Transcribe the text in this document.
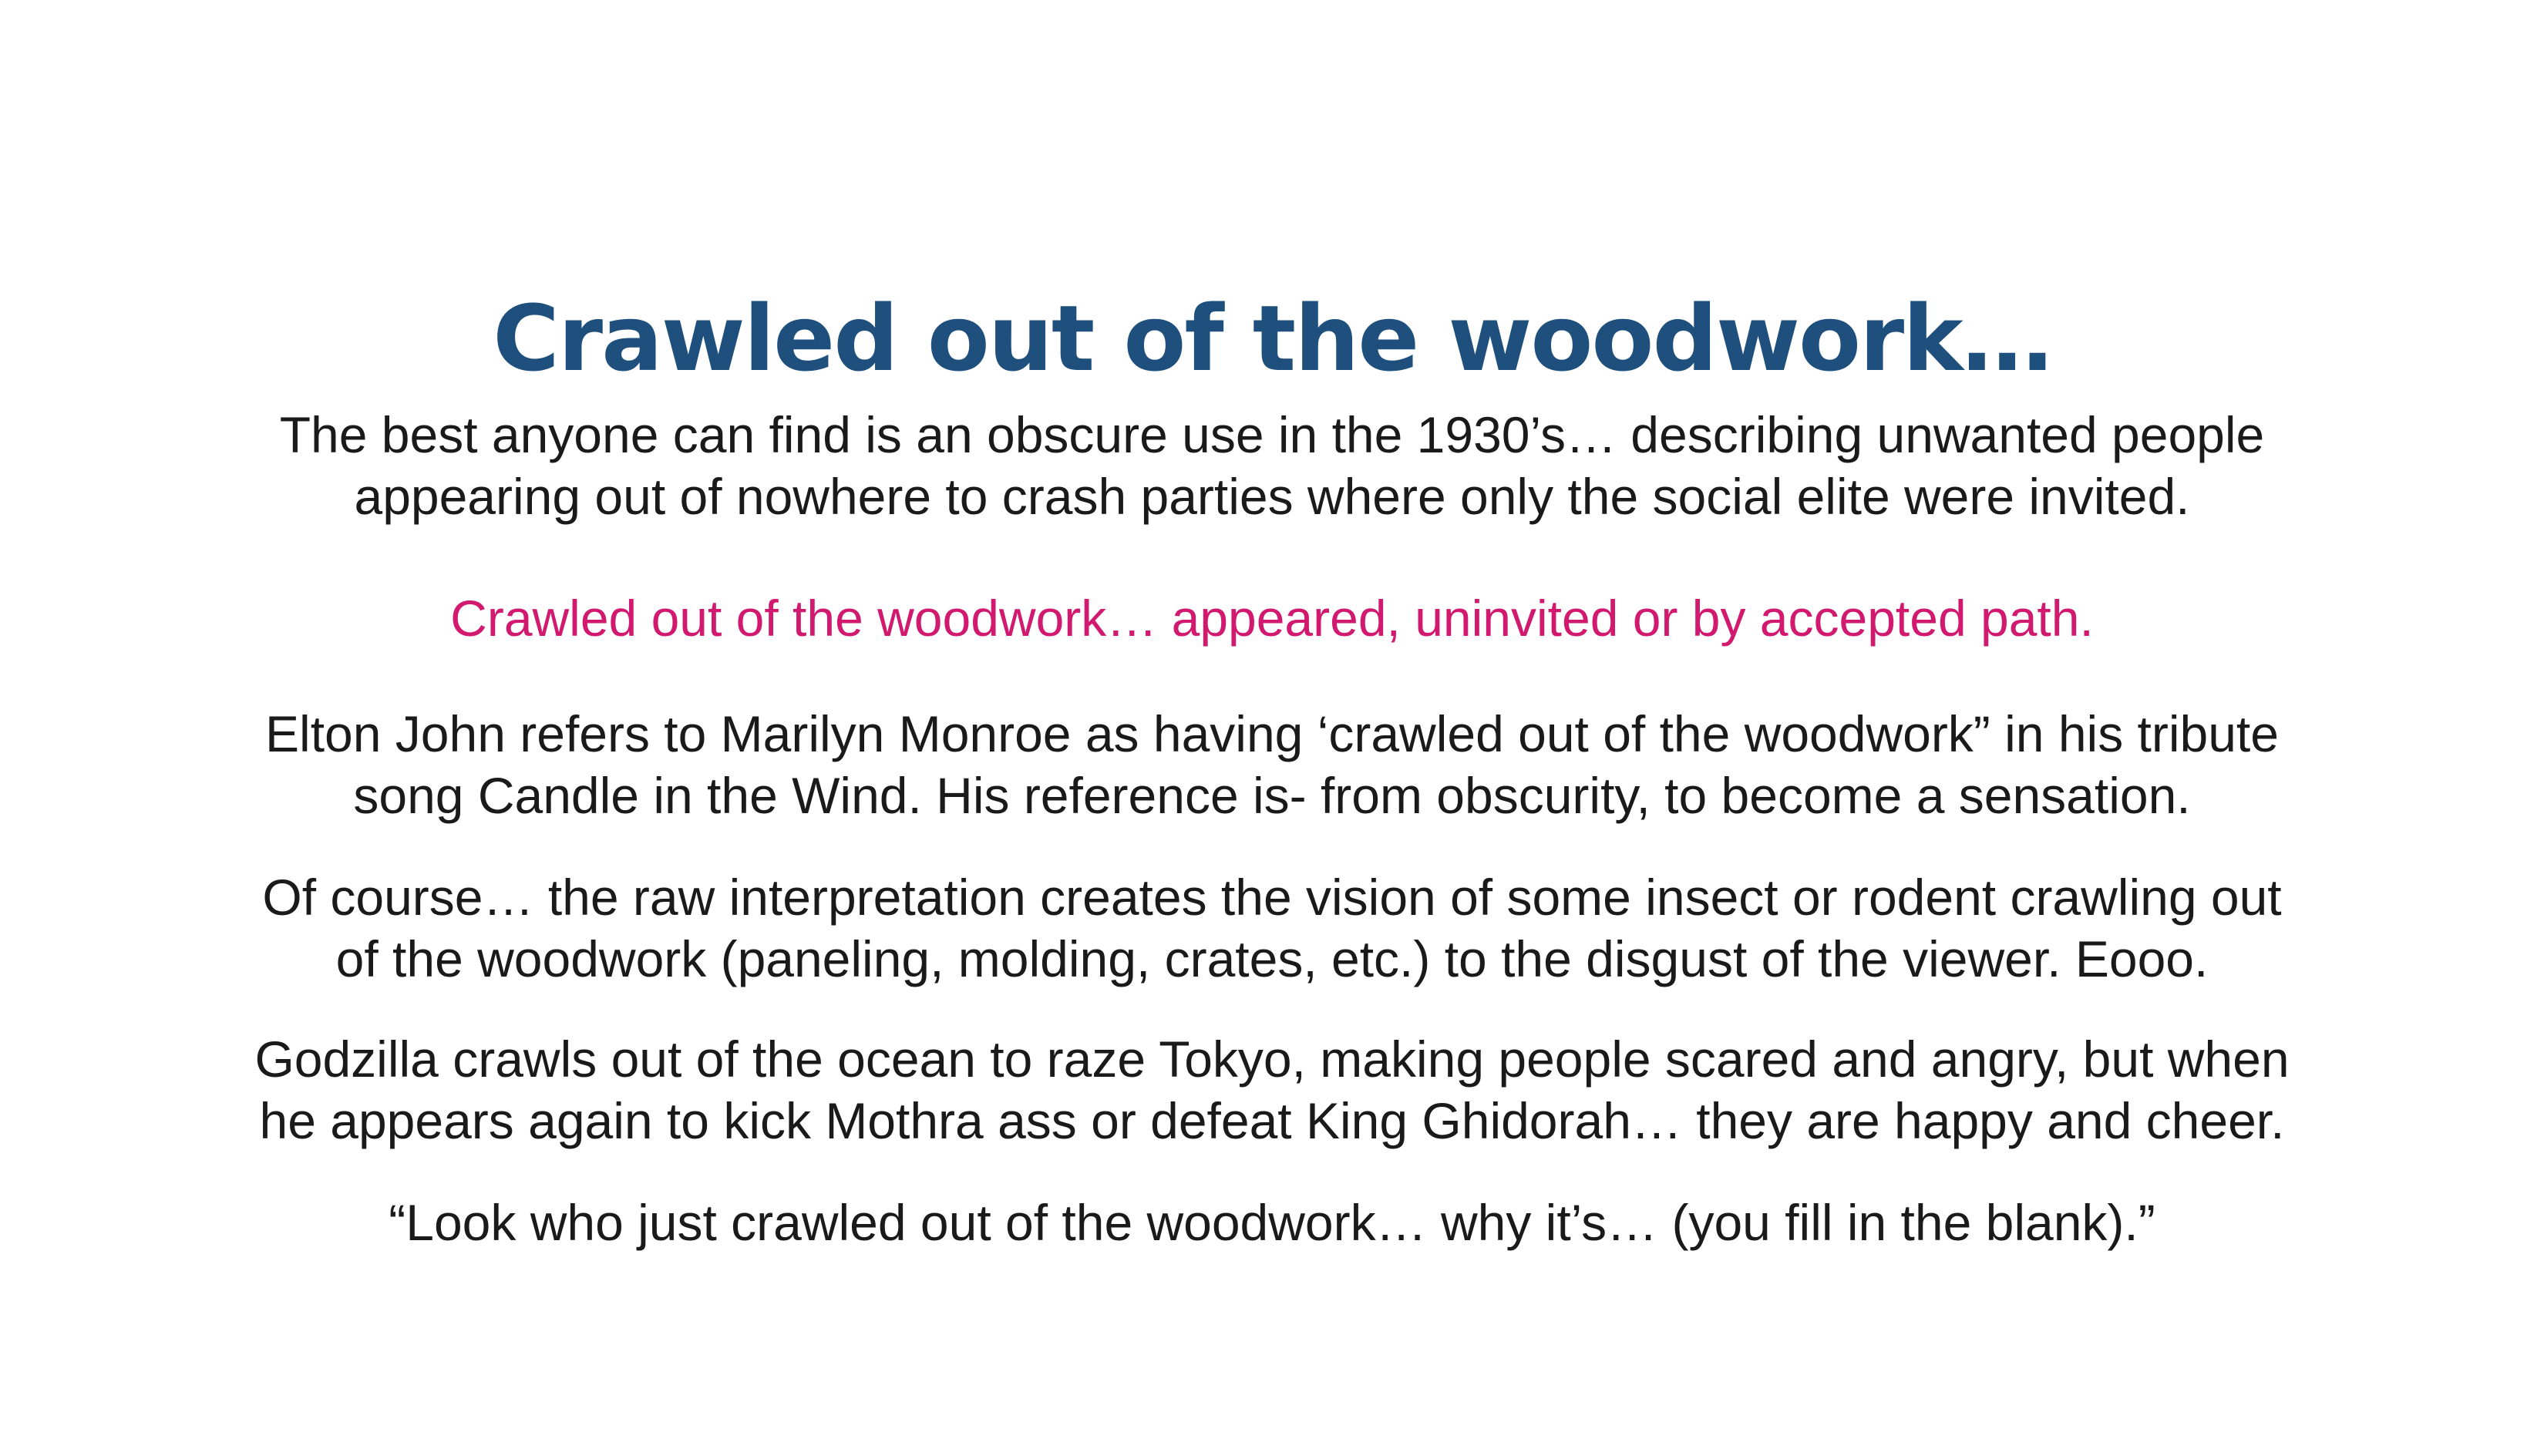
Crawled out of the woodwork…

The best anyone can find is an obscure use in the 1930’s… describing unwanted people
appearing out of nowhere to crash parties where only the social elite were invited.

Crawled out of the woodwork… appeared, uninvited or by accepted path.

Elton John refers to Marilyn Monroe as having ‘crawled out of the woodwork” in his tribute
song Candle in the Wind. His reference is- from obscurity, to become a sensation.

Of course… the raw interpretation creates the vision of some insect or rodent crawling out
of the woodwork (paneling, molding, crates, etc.) to the disgust of the viewer. Eooo.

Godzilla crawls out of the ocean to raze Tokyo, making people scared and angry, but when
he appears again to kick Mothra ass or defeat King Ghidorah… they are happy and cheer.

“Look who just crawled out of the woodwork… why it’s… (you fill in the blank).”
